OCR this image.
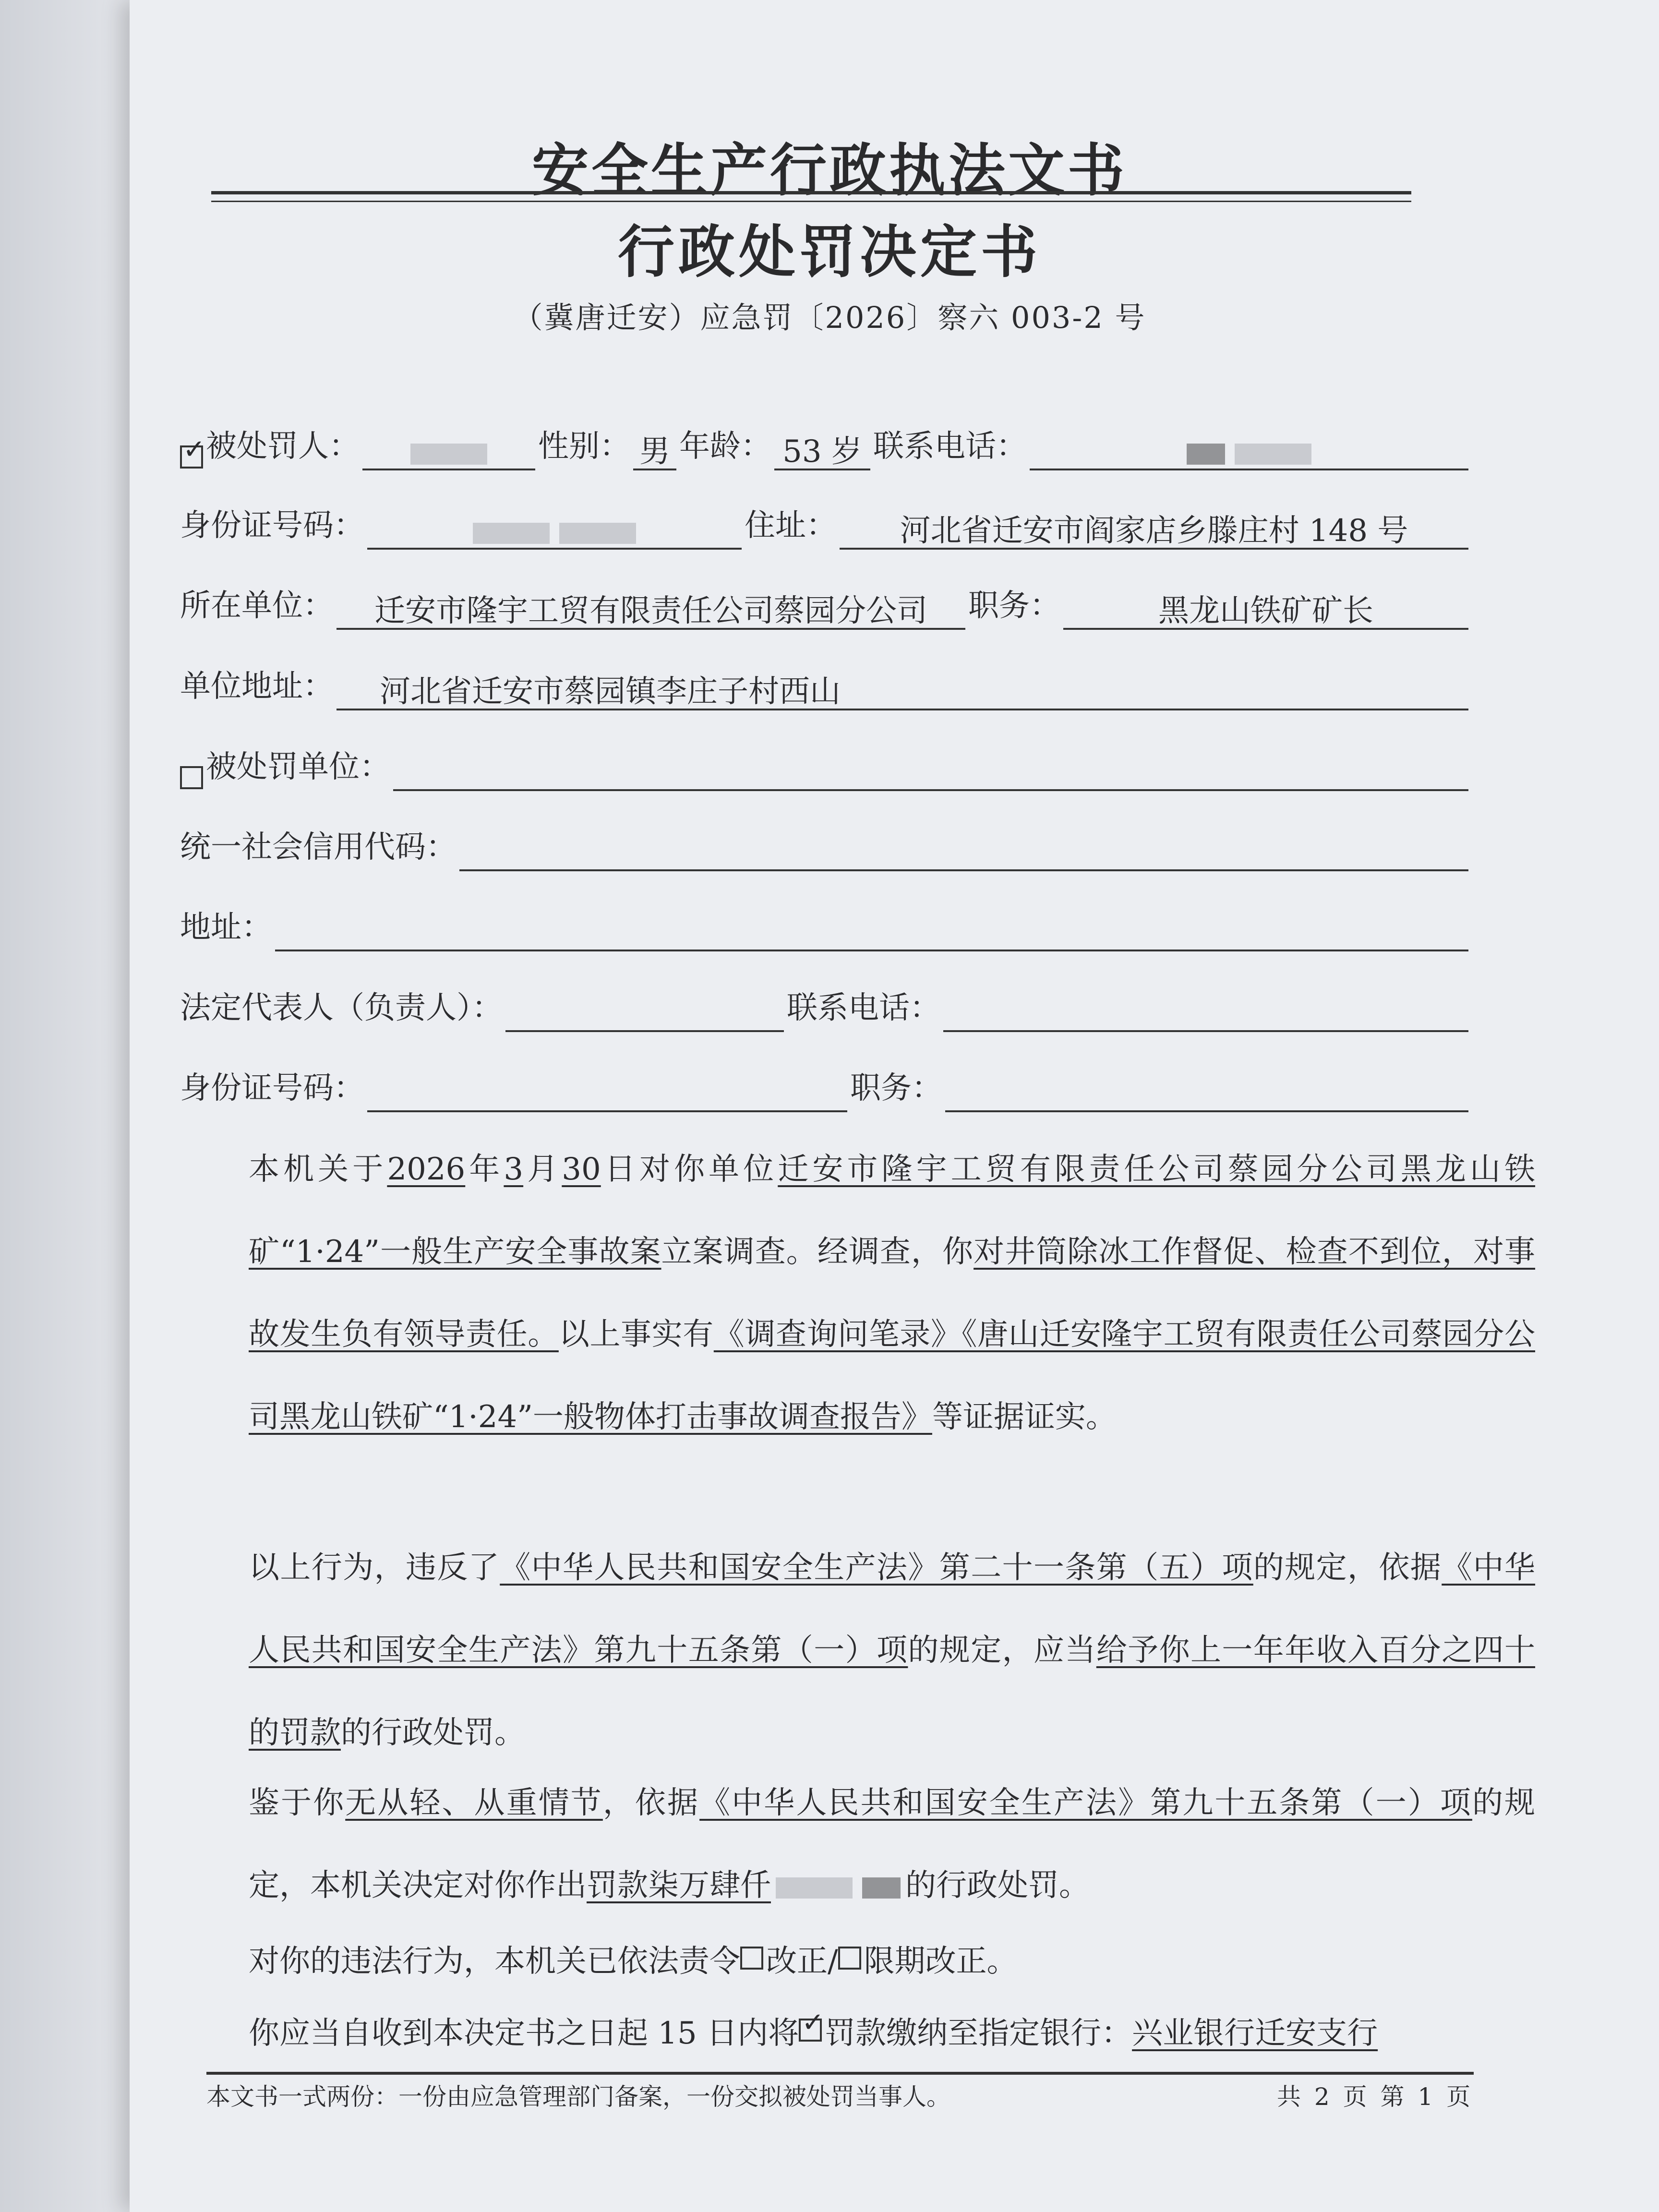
安全生产行政执法文书
行政处罚决定书
（冀唐迁安）应急罚〔2026〕察六 003-2 号
✓
被处罚人：	性别： 男 年龄： 53 岁 联系电话：
身份证号码：	住址：	河北省迁安市阎家店乡滕庄村 148 号
所在单位：	迁安市隆宇工贸有限责任公司蔡园分公司	职务：	黑龙山铁矿矿长
单位地址：	河北省迁安市蔡园镇李庄子村西山
被处罚单位：
统一社会信用代码：
地址：
法定代表人（负责人）：	联系电话：
身份证号码：	职务：
本机关于2026年3月30日对你单位迁安市隆宇工贸有限责任公司蔡园分公司黑龙山铁矿“1·24”一般生产安全事故案立案调查。经调查，你对井筒除冰工作督促、检查不到位，对事故发生负有领导责任。以上事实有《调查询问笔录》《唐山迁安隆宇工贸有限责任公司蔡园分公司黑龙山铁矿“1·24”一般物体打击事故调查报告》等证据证实。
以上行为，违反了《中华人民共和国安全生产法》第二十一条第（五）项的规定，依据《中华人民共和国安全生产法》第九十五条第（一）项的规定，应当给予你上一年年收入百分之四十的罚款的行政处罚。
鉴于你无从轻、从重情节，依据《中华人民共和国安全生产法》第九十五条第（一）项的规定，本机关决定对你作出罚款柒万肆仟	的行政处罚。
对你的违法行为，本机关已依法责令 改正/ 限期改正。
你应当自收到本决定书之日起 15 日内将✓ 罚款缴纳至指定银行：兴业银行迁安支行
本文书一式两份：一份由应急管理部门备案，一份交拟被处罚当事人。	共 2 页 第 1 页
